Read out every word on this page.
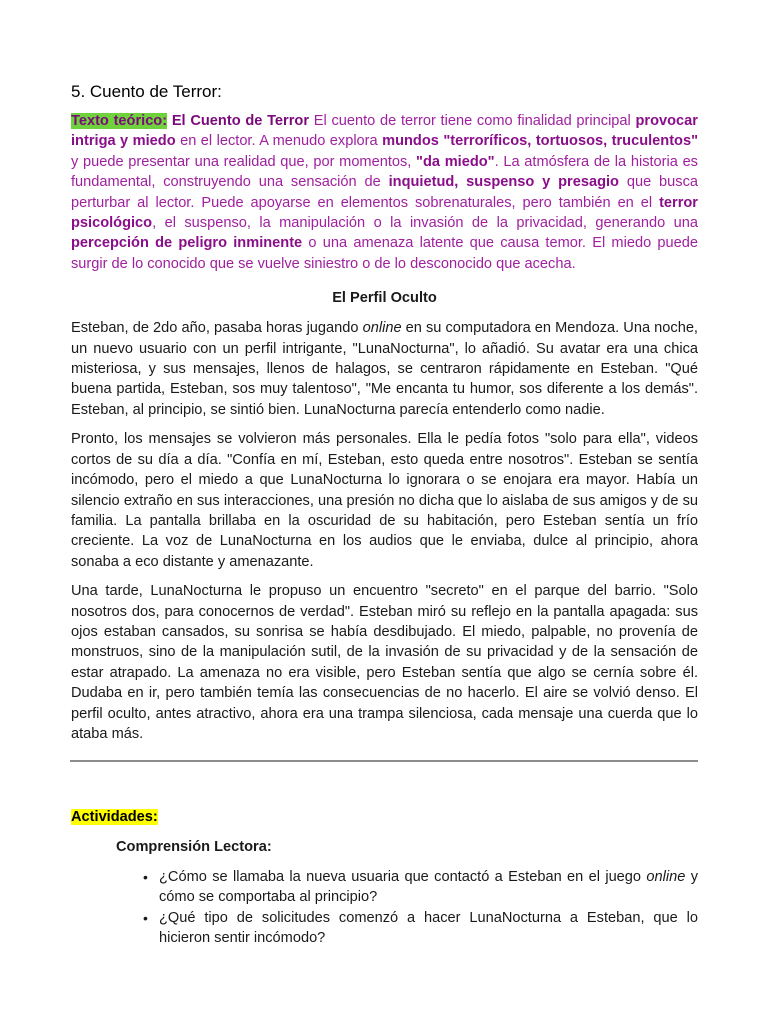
5. Cuento de Terror:

Texto teórico: El Cuento de Terror El cuento de terror tiene como finalidad principal provocar intriga y miedo en el lector. A menudo explora mundos "terroríficos, tortuosos, truculentos" y puede presentar una realidad que, por momentos, "da miedo". La atmósfera de la historia es fundamental, construyendo una sensación de inquietud, suspenso y presagio que busca perturbar al lector. Puede apoyarse en elementos sobrenaturales, pero también en el terror psicológico, el suspenso, la manipulación o la invasión de la privacidad, generando una percepción de peligro inminente o una amenaza latente que causa temor. El miedo puede surgir de lo conocido que se vuelve siniestro o de lo desconocido que acecha.

El Perfil Oculto

Esteban, de 2do año, pasaba horas jugando online en su computadora en Mendoza. Una noche, un nuevo usuario con un perfil intrigante, "LunaNocturna", lo añadió. Su avatar era una chica misteriosa, y sus mensajes, llenos de halagos, se centraron rápidamente en Esteban. "Qué buena partida, Esteban, sos muy talentoso", "Me encanta tu humor, sos diferente a los demás". Esteban, al principio, se sintió bien. LunaNocturna parecía entenderlo como nadie.

Pronto, los mensajes se volvieron más personales. Ella le pedía fotos "solo para ella", videos cortos de su día a día. "Confía en mí, Esteban, esto queda entre nosotros". Esteban se sentía incómodo, pero el miedo a que LunaNocturna lo ignorara o se enojara era mayor. Había un silencio extraño en sus interacciones, una presión no dicha que lo aislaba de sus amigos y de su familia. La pantalla brillaba en la oscuridad de su habitación, pero Esteban sentía un frío creciente. La voz de LunaNocturna en los audios que le enviaba, dulce al principio, ahora sonaba a eco distante y amenazante.

Una tarde, LunaNocturna le propuso un encuentro "secreto" en el parque del barrio. "Solo nosotros dos, para conocernos de verdad". Esteban miró su reflejo en la pantalla apagada: sus ojos estaban cansados, su sonrisa se había desdibujado. El miedo, palpable, no provenía de monstruos, sino de la manipulación sutil, de la invasión de su privacidad y de la sensación de estar atrapado. La amenaza no era visible, pero Esteban sentía que algo se cernía sobre él. Dudaba en ir, pero también temía las consecuencias de no hacerlo. El aire se volvió denso. El perfil oculto, antes atractivo, ahora era una trampa silenciosa, cada mensaje una cuerda que lo ataba más.

Actividades:
Comprensión Lectora:
• ¿Cómo se llamaba la nueva usuaria que contactó a Esteban en el juego online y cómo se comportaba al principio?
• ¿Qué tipo de solicitudes comenzó a hacer LunaNocturna a Esteban, que lo hicieron sentir incómodo?
